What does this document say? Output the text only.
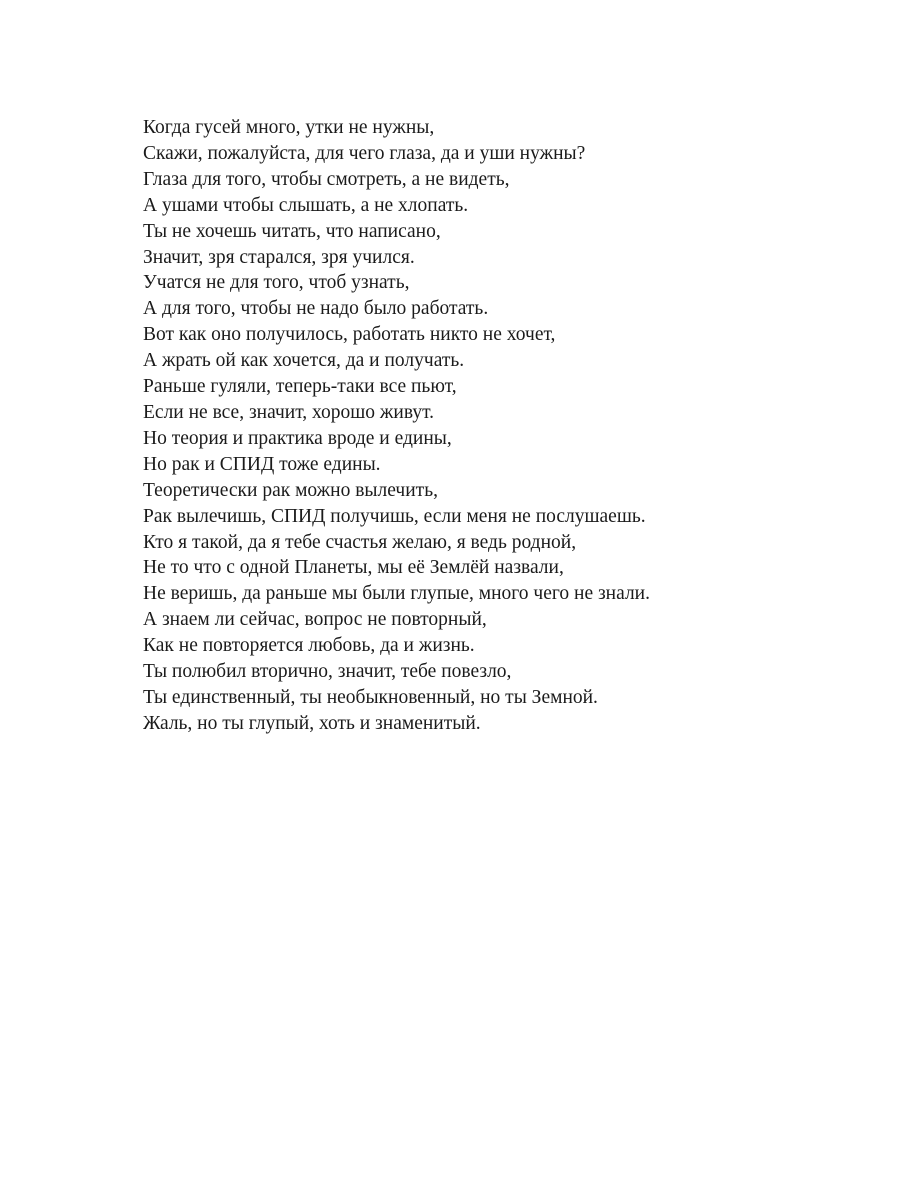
Когда гусей много, утки не нужны,
Скажи, пожалуйста, для чего глаза, да и уши нужны?
Глаза для того, чтобы смотреть, а не видеть,
А ушами чтобы слышать, а не хлопать.
Ты не хочешь читать, что написано,
Значит, зря старался, зря учился.
Учатся не для того, чтоб узнать,
А для того, чтобы не надо было работать.
Вот как оно получилось, работать никто не хочет,
А жрать ой как хочется, да и получать.
Раньше гуляли, теперь-таки все пьют,
Если не все, значит, хорошо живут.
Но теория и практика вроде и едины,
Но рак и СПИД тоже едины.
Теоретически рак можно вылечить,
Рак вылечишь, СПИД получишь, если меня не послушаешь.
Кто я такой, да я тебе счастья желаю, я ведь родной,
Не то что с одной Планеты, мы её Землёй назвали,
Не веришь, да раньше мы были глупые, много чего не знали.
А знаем ли сейчас, вопрос не повторный,
Как не повторяется любовь, да и жизнь.
Ты полюбил вторично, значит, тебе повезло,
Ты единственный, ты необыкновенный, но ты Земной.
Жаль, но ты глупый, хоть и знаменитый.
